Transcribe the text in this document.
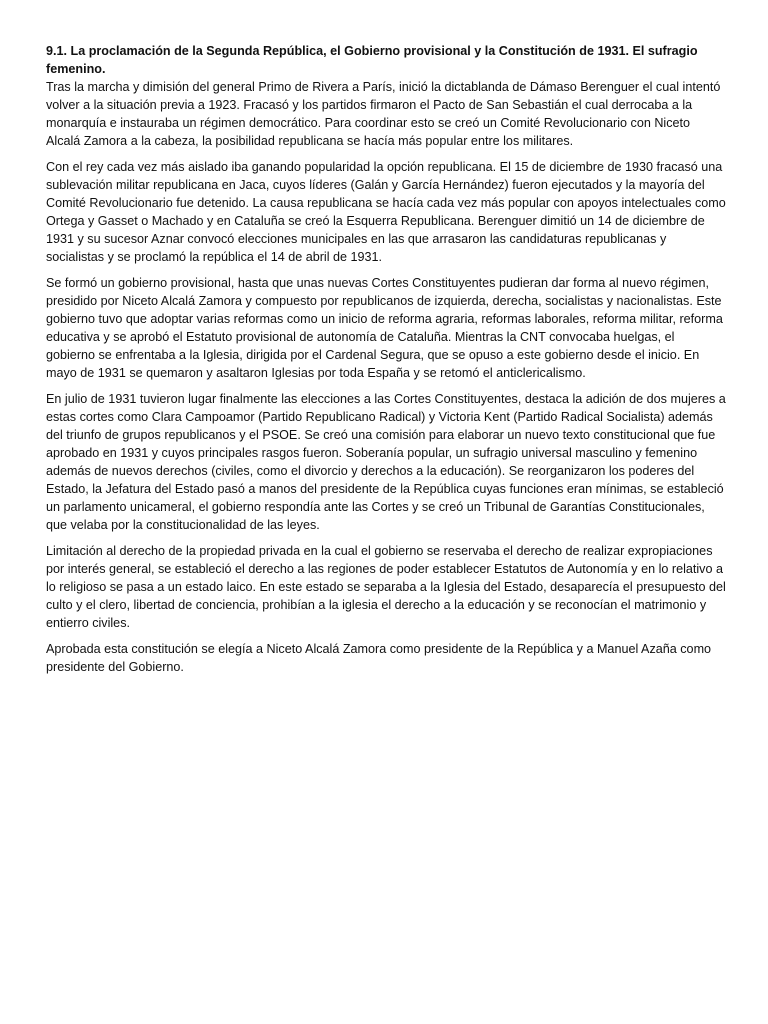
9.1. La proclamación de la Segunda República, el Gobierno provisional y la Constitución de 1931. El sufragio femenino.

Tras la marcha y dimisión del general Primo de Rivera a París, inició la dictablanda de Dámaso Berenguer el cual intentó volver a la situación previa a 1923. Fracasó y los partidos firmaron el Pacto de San Sebastián el cual derrocaba a la monarquía e instauraba un régimen democrático. Para coordinar esto se creó un Comité Revolucionario con Niceto Alcalá Zamora a la cabeza, la posibilidad republicana se hacía más popular entre los militares.

Con el rey cada vez más aislado iba ganando popularidad la opción republicana. El 15 de diciembre de 1930 fracasó una sublevación militar republicana en Jaca, cuyos líderes (Galán y García Hernández) fueron ejecutados y la mayoría del Comité Revolucionario fue detenido. La causa republicana se hacía cada vez más popular con apoyos intelectuales como Ortega y Gasset o Machado y en Cataluña se creó la Esquerra Republicana. Berenguer dimitió un 14 de diciembre de 1931 y su sucesor Aznar convocó elecciones municipales en las que arrasaron las candidaturas republicanas y socialistas y se proclamó la república el 14 de abril de 1931.

Se formó un gobierno provisional, hasta que unas nuevas Cortes Constituyentes pudieran dar forma al nuevo régimen, presidido por Niceto Alcalá Zamora y compuesto por republicanos de izquierda, derecha, socialistas y nacionalistas. Este gobierno tuvo que adoptar varias reformas como un inicio de reforma agraria, reformas laborales, reforma militar, reforma educativa y se aprobó el Estatuto provisional de autonomía de Cataluña. Mientras la CNT convocaba huelgas, el gobierno se enfrentaba a la Iglesia, dirigida por el Cardenal Segura, que se opuso a este gobierno desde el inicio. En mayo de 1931 se quemaron y asaltaron Iglesias por toda España y se retomó el anticlericalismo.

En julio de 1931 tuvieron lugar finalmente las elecciones a las Cortes Constituyentes, destaca la adición de dos mujeres a estas cortes como Clara Campoamor (Partido Republicano Radical) y Victoria Kent (Partido Radical Socialista) además del triunfo de grupos republicanos y el PSOE. Se creó una comisión para elaborar un nuevo texto constitucional que fue aprobado en 1931 y cuyos principales rasgos fueron. Soberanía popular, un sufragio universal masculino y femenino además de nuevos derechos (civiles, como el divorcio y derechos a la educación). Se reorganizaron los poderes del Estado, la Jefatura del Estado pasó a manos del presidente de la República cuyas funciones eran mínimas, se estableció un parlamento unicameral, el gobierno respondía ante las Cortes y se creó un Tribunal de Garantías Constitucionales, que velaba por la constitucionalidad de las leyes.

Limitación al derecho de la propiedad privada en la cual el gobierno se reservaba el derecho de realizar expropiaciones por interés general, se estableció el derecho a las regiones de poder establecer Estatutos de Autonomía y en lo relativo a lo religioso se pasa a un estado laico. En este estado se separaba a la Iglesia del Estado, desaparecía el presupuesto del culto y el clero, libertad de conciencia, prohibían a la iglesia el derecho a la educación y se reconocían el matrimonio y entierro civiles.

Aprobada esta constitución se elegía a Niceto Alcalá Zamora como presidente de la República y a Manuel Azaña como presidente del Gobierno.
